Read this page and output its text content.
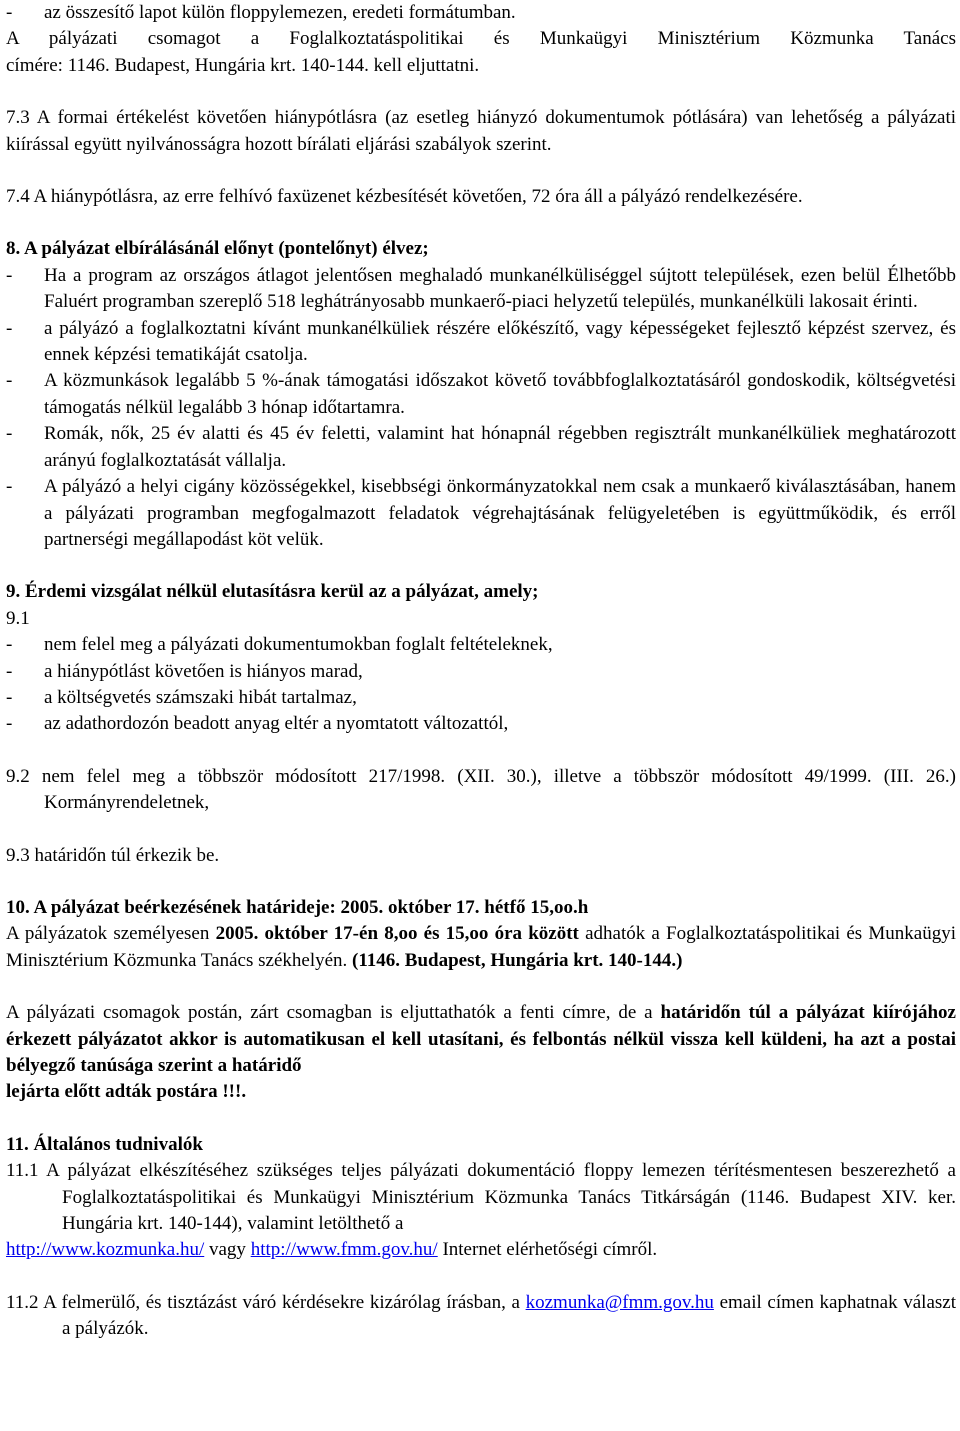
-	az összesítő lapot külön floppylemezen, eredeti formátumban.

A pályázati csomagot a Foglalkoztatáspolitikai és Munkaügyi Minisztérium Közmunka Tanács

címére: 1146. Budapest, Hungária krt. 140-144. kell eljuttatni.

7.3 A formai értékelést követően hiánypótlásra (az esetleg hiányzó dokumentumok pótlására) van lehetőség a pályázati kiírással együtt nyilvánosságra hozott bírálati eljárási szabályok szerint.

7.4 A hiánypótlásra, az erre felhívó faxüzenet kézbesítését követően, 72 óra áll a pályázó rendelkezésére.

8. A pályázat elbírálásánál előnyt (pontelőnyt) élvez;

-	Ha a program az országos átlagot jelentősen meghaladó munkanélküliséggel sújtott települések, ezen belül Élhetőbb Faluért programban szereplő 518 leghátrányosabb munkaerő-piaci helyzetű település, munkanélküli lakosait érinti.
-	a pályázó a foglalkoztatni kívánt munkanélküliek részére előkészítő, vagy képességeket fejlesztő képzést szervez, és ennek képzési tematikáját csatolja.
-	A közmunkások legalább 5 %-ának támogatási időszakot követő továbbfoglalkoztatásáról gondoskodik, költségvetési támogatás nélkül legalább 3 hónap időtartamra.
-	Romák, nők, 25 év alatti és 45 év feletti, valamint hat hónapnál régebben regisztrált munkanélküliek meghatározott arányú foglalkoztatását vállalja.
-	A pályázó a helyi cigány közösségekkel, kisebbségi önkormányzatokkal nem csak a munkaerő kiválasztásában, hanem a pályázati programban megfogalmazott feladatok végrehajtásának felügyeletében is együttműködik, és erről partnerségi megállapodást köt velük.

9. Érdemi vizsgálat nélkül elutasításra kerül az a pályázat, amely;

9.1

-	nem felel meg a pályázati dokumentumokban foglalt feltételeknek,
-	a hiánypótlást követően is hiányos marad,
-	a költségvetés számszaki hibát tartalmaz,
-	az adathordozón beadott anyag eltér a nyomtatott változattól,

9.2 nem felel meg a többször módosított 217/1998. (XII. 30.), illetve a többször módosított 49/1999. (III. 26.) Kormányrendeletnek,

9.3 határidőn túl érkezik be.

10. A pályázat beérkezésének határideje: 2005. október 17. hétfő 15,oo.h

A pályázatok személyesen 2005. október 17-én 8,oo és 15,oo óra között adhatók a Foglalkoztatáspolitikai és Munkaügyi Minisztérium Közmunka Tanács székhelyén. (1146. Budapest, Hungária krt. 140-144.)

A pályázati csomagok postán, zárt csomagban is eljuttathatók a fenti címre, de a határidőn túl a pályázat kiírójához érkezett pályázatot akkor is automatikusan el kell utasítani, és felbontás nélkül vissza kell küldeni, ha azt a postai bélyegző tanúsága szerint a határidő

lejárta előtt adták postára !!!.

11. Általános tudnivalók

11.1 A pályázat elkészítéséhez szükséges teljes pályázati dokumentáció floppy lemezen térítésmentesen beszerezhető a Foglalkoztatáspolitikai és Munkaügyi Minisztérium Közmunka Tanács Titkárságán (1146. Budapest XIV. ker. Hungária krt. 140-144), valamint letölthető a

http://www.kozmunka.hu/ vagy http://www.fmm.gov.hu/ Internet elérhetőségi címről.

11.2 A felmerülő, és tisztázást váró kérdésekre kizárólag írásban, a kozmunka@fmm.gov.hu email címen kaphatnak választ a pályázók.
